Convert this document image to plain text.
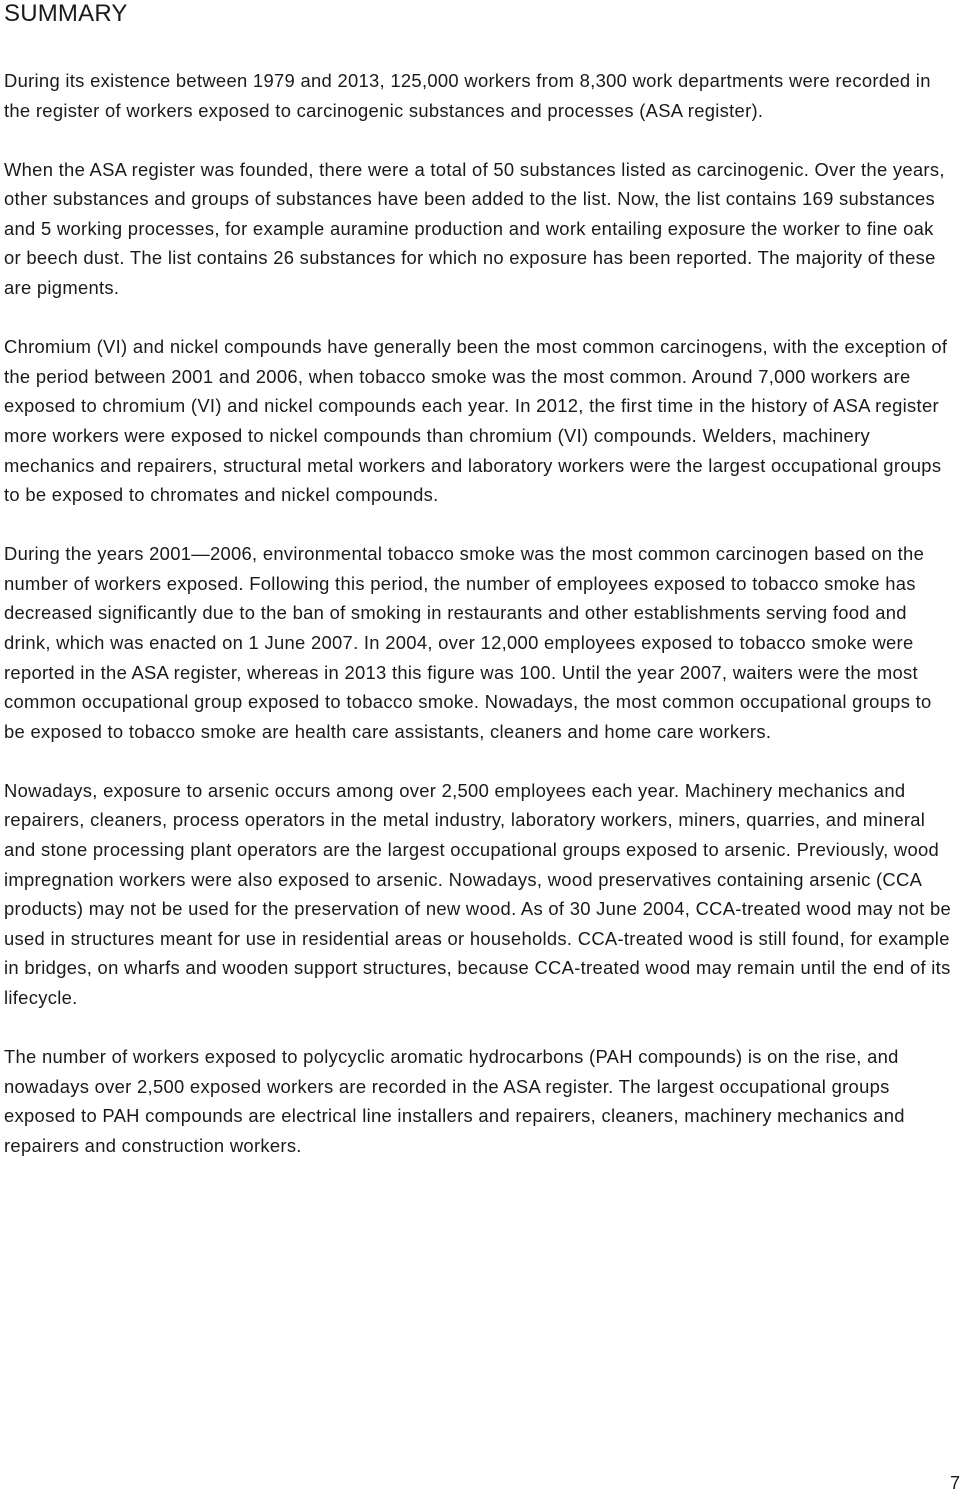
SUMMARY

During its existence between 1979 and 2013, 125,000 workers from 8,300 work departments were recorded in the register of workers exposed to carcinogenic substances and processes (ASA register).

When the ASA register was founded, there were a total of 50 substances listed as carcinogenic. Over the years, other substances and groups of substances have been added to the list. Now, the list contains 169 substances and 5 working processes, for example auramine production and work entailing exposure the worker to fine oak or beech dust. The list contains 26 substances for which no exposure has been reported. The majority of these are pigments.

Chromium (VI) and nickel compounds have generally been the most common carcinogens, with the exception of the period between 2001 and 2006, when tobacco smoke was the most common. Around 7,000 workers are exposed to chromium (VI) and nickel compounds each year. In 2012, the first time in the history of ASA register more workers were exposed to nickel compounds than chromium (VI) compounds. Welders, machinery mechanics and repairers, structural metal workers and laboratory workers were the largest occupational groups to be exposed to chromates and nickel compounds.

During the years 2001—2006, environmental tobacco smoke was the most common carcinogen based on the number of workers exposed. Following this period, the number of employees exposed to tobacco smoke has decreased significantly due to the ban of smoking in restaurants and other establishments serving food and drink, which was enacted on 1 June 2007. In 2004, over 12,000 employees exposed to tobacco smoke were reported in the ASA register, whereas in 2013 this figure was 100. Until the year 2007, waiters were the most common occupational group exposed to tobacco smoke. Nowadays, the most common occupational groups to be exposed to tobacco smoke are health care assistants, cleaners and home care workers.

Nowadays, exposure to arsenic occurs among over 2,500 employees each year. Machinery mechanics and repairers, cleaners, process operators in the metal industry, laboratory workers, miners, quarries, and mineral and stone processing plant operators are the largest occupational groups exposed to arsenic. Previously, wood impregnation workers were also exposed to arsenic. Nowadays, wood preservatives containing arsenic (CCA products) may not be used for the preservation of new wood. As of 30 June 2004, CCA-treated wood may not be used in structures meant for use in residential areas or households. CCA-treated wood is still found, for example in bridges, on wharfs and wooden support structures, because CCA-treated wood may remain until the end of its lifecycle.

The number of workers exposed to polycyclic aromatic hydrocarbons (PAH compounds) is on the rise, and nowadays over 2,500 exposed workers are recorded in the ASA register. The largest occupational groups exposed to PAH compounds are electrical line installers and repairers, cleaners, machinery mechanics and repairers and construction workers.

7
